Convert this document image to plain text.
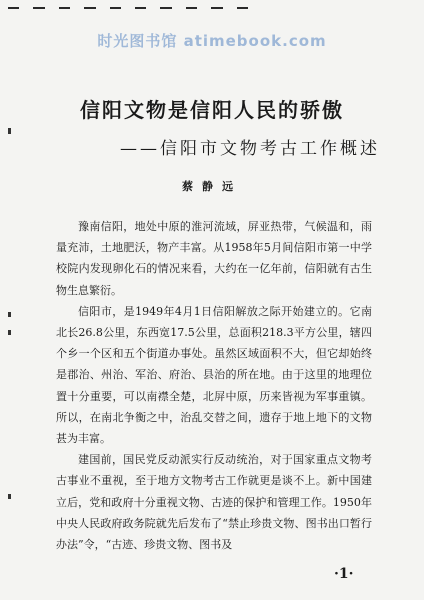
时光图书馆 atimebook.com
信阳文物是信阳人民的骄傲
——信阳市文物考古工作概述
蔡静远

豫南信阳，地处中原的淮河流域，屏亚热带，气候温和，雨量充沛，土地肥沃，物产丰富。从1958年5月间信阳市第一中学校院内发现卵化石的情况来看，大约在一亿年前，信阳就有古生物生息繁衍。

信阳市，是1949年4月1日信阳解放之际开始建立的。它南北长26.8公里，东西宽17.5公里，总面积218.3平方公里，辖四个乡一个区和五个街道办事处。虽然区域面积不大，但它却始终是郡治、州治、军治、府治、县治的所在地。由于这里的地理位置十分重要，可以南襟全楚，北屏中原，历来皆视为军事重镇。所以，在南北争衡之中，治乱交替之间，遗存于地上地下的文物甚为丰富。

建国前，国民党反动派实行反动统治，对于国家重点文物考古事业不重视，至于地方文物考古工作就更是谈不上。新中国建立后，党和政府十分重视文物、古迹的保护和管理工作。1950年中央人民政府政务院就先后发布了“禁止珍贵文物、图书出口暂行办法”令，“古迹、珍贵文物、图书及

·1·
